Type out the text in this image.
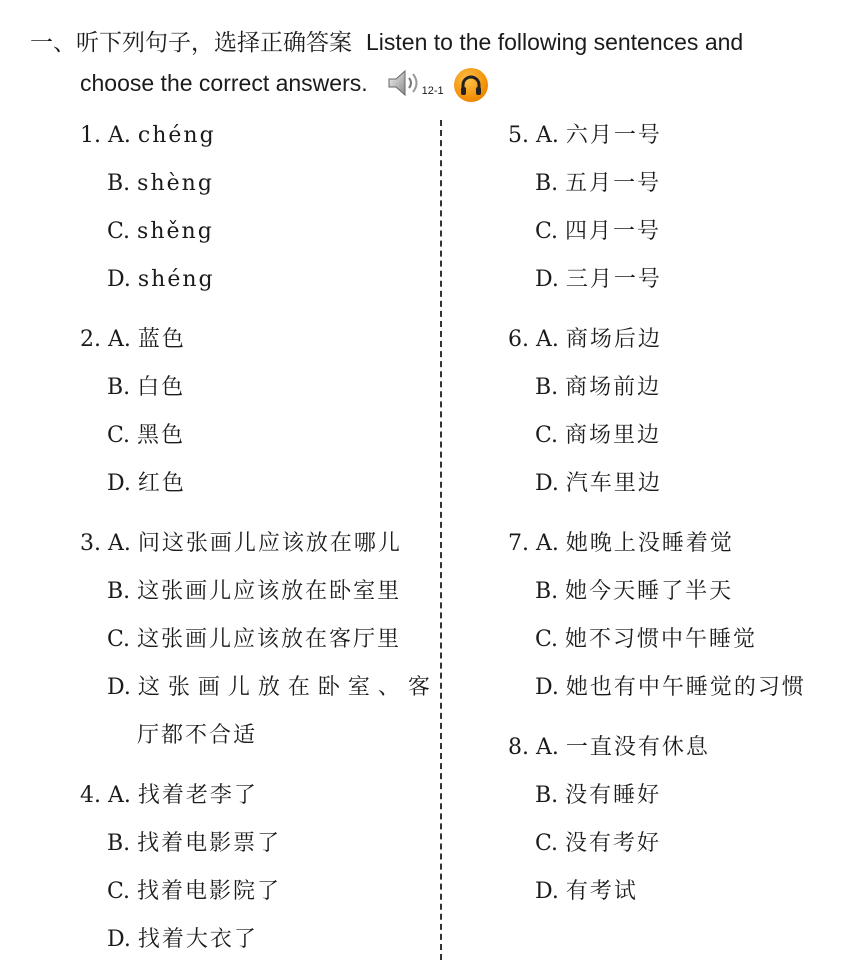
一、听下列句子，选择正确答案 Listen to the following sentences and
choose the correct answers.	12-1
1. A. chéng
B. shèng
C. shěng
D. shéng
2. A. 蓝色
B. 白色
C. 黑色
D. 红色
3. A. 问这张画儿应该放在哪儿
B. 这张画儿应该放在卧室里
C. 这张画儿应该放在客厅里
D. 这张画儿放在卧室、客
厅都不合适
4. A. 找着老李了
B. 找着电影票了
C. 找着电影院了
D. 找着大衣了
5. A. 六月一号
B. 五月一号
C. 四月一号
D. 三月一号
6. A. 商场后边
B. 商场前边
C. 商场里边
D. 汽车里边
7. A. 她晚上没睡着觉
B. 她今天睡了半天
C. 她不习惯中午睡觉
D. 她也有中午睡觉的习惯
8. A. 一直没有休息
B. 没有睡好
C. 没有考好
D. 有考试
